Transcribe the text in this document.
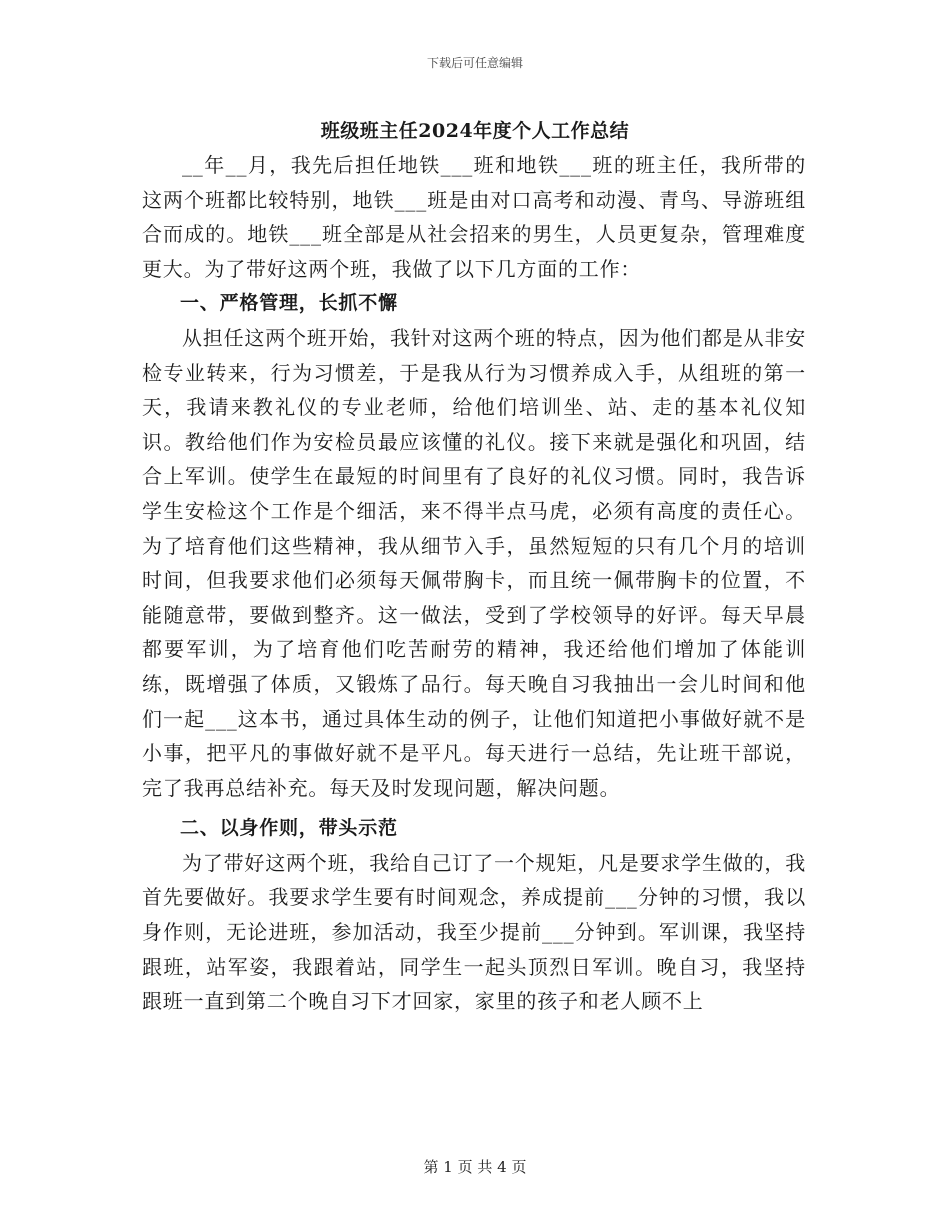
下载后可任意编辑
班级班主任2024年度个人工作总结

__年__月，我先后担任地铁___班和地铁___班的班主任，我所带的这两个班都比较特别，地铁___班是由对口高考和动漫、青鸟、导游班组合而成的。地铁___班全部是从社会招来的男生，人员更复杂，管理难度更大。为了带好这两个班，我做了以下几方面的工作：

一、严格管理，长抓不懈

从担任这两个班开始，我针对这两个班的特点，因为他们都是从非安检专业转来，行为习惯差，于是我从行为习惯养成入手，从组班的第一天，我请来教礼仪的专业老师，给他们培训坐、站、走的基本礼仪知识。教给他们作为安检员最应该懂的礼仪。接下来就是强化和巩固，结合上军训。使学生在最短的时间里有了良好的礼仪习惯。同时，我告诉学生安检这个工作是个细活，来不得半点马虎，必须有高度的责任心。为了培育他们这些精神，我从细节入手，虽然短短的只有几个月的培训时间，但我要求他们必须每天佩带胸卡，而且统一佩带胸卡的位置，不能随意带，要做到整齐。这一做法，受到了学校领导的好评。每天早晨都要军训，为了培育他们吃苦耐劳的精神，我还给他们增加了体能训练，既增强了体质，又锻炼了品行。每天晚自习我抽出一会儿时间和他们一起___这本书，通过具体生动的例子，让他们知道把小事做好就不是小事，把平凡的事做好就不是平凡。每天进行一总结，先让班干部说，完了我再总结补充。每天及时发现问题，解决问题。

二、以身作则，带头示范

为了带好这两个班，我给自己订了一个规矩，凡是要求学生做的，我首先要做好。我要求学生要有时间观念，养成提前___分钟的习惯，我以身作则，无论进班，参加活动，我至少提前___分钟到。军训课，我坚持跟班，站军姿，我跟着站，同学生一起头顶烈日军训。晚自习，我坚持跟班一直到第二个晚自习下才回家，家里的孩子和老人顾不上

第 1 页 共 4 页
